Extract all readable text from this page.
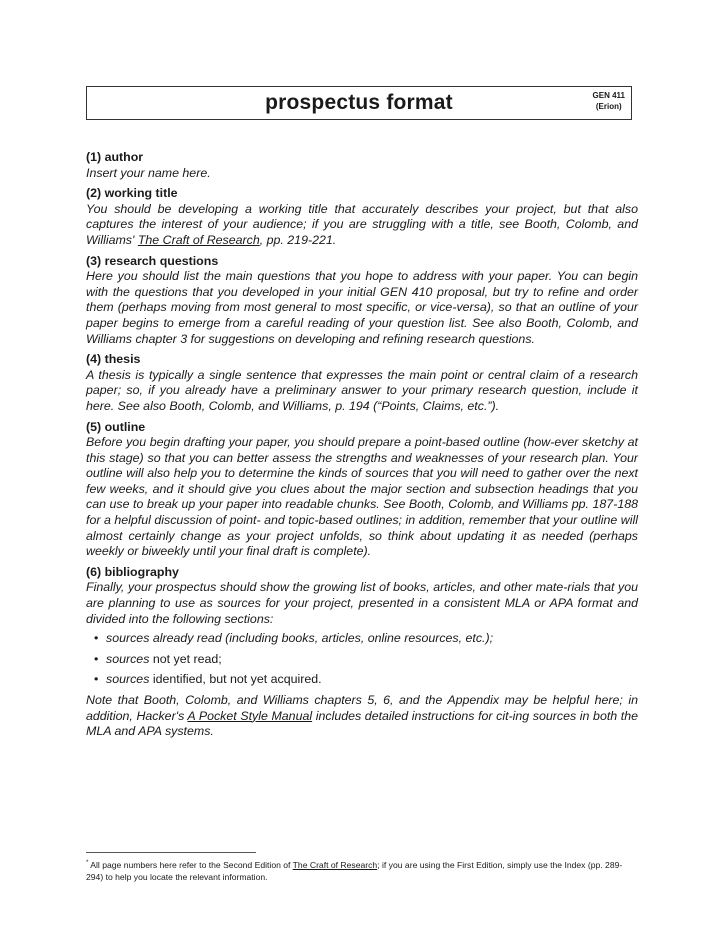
prospectus format	GEN 411
(Erion)
(1) author
Insert your name here.
(2) working title
You should be developing a working title that accurately describes your project, but that also captures the interest of your audience; if you are struggling with a title, see Booth, Colomb, and Williams' The Craft of Research, pp. 219-221.
(3) research questions
Here you should list the main questions that you hope to address with your paper. You can begin with the questions that you developed in your initial GEN 410 proposal, but try to refine and order them (perhaps moving from most general to most specific, or vice-versa), so that an outline of your paper begins to emerge from a careful reading of your question list. See also Booth, Colomb, and Williams chapter 3 for suggestions on developing and refining research questions.
(4) thesis
A thesis is typically a single sentence that expresses the main point or central claim of a research paper; so, if you already have a preliminary answer to your primary research question, include it here. See also Booth, Colomb, and Williams, p. 194 (“Points, Claims, etc.”).
(5) outline
Before you begin drafting your paper, you should prepare a point-based outline (how-ever sketchy at this stage) so that you can better assess the strengths and weaknesses of your research plan. Your outline will also help you to determine the kinds of sources that you will need to gather over the next few weeks, and it should give you clues about the major section and subsection headings that you can use to break up your paper into readable chunks. See Booth, Colomb, and Williams pp. 187-188 for a helpful discussion of point- and topic-based outlines; in addition, remember that your outline will almost certainly change as your project unfolds, so think about updating it as needed (perhaps weekly or biweekly until your final draft is complete).
(6) bibliography
Finally, your prospectus should show the growing list of books, articles, and other mate-rials that you are planning to use as sources for your project, presented in a consistent MLA or APA format and divided into the following sections:
• sources already read (including books, articles, online resources, etc.);
• sources not yet read;
• sources identified, but not yet acquired.
Note that Booth, Colomb, and Williams chapters 5, 6, and the Appendix may be helpful here; in addition, Hacker's A Pocket Style Manual includes detailed instructions for cit-ing sources in both the MLA and APA systems.
* All page numbers here refer to the Second Edition of The Craft of Research; if you are using the First Edition, simply use the Index (pp. 289-294) to help you locate the relevant information.
